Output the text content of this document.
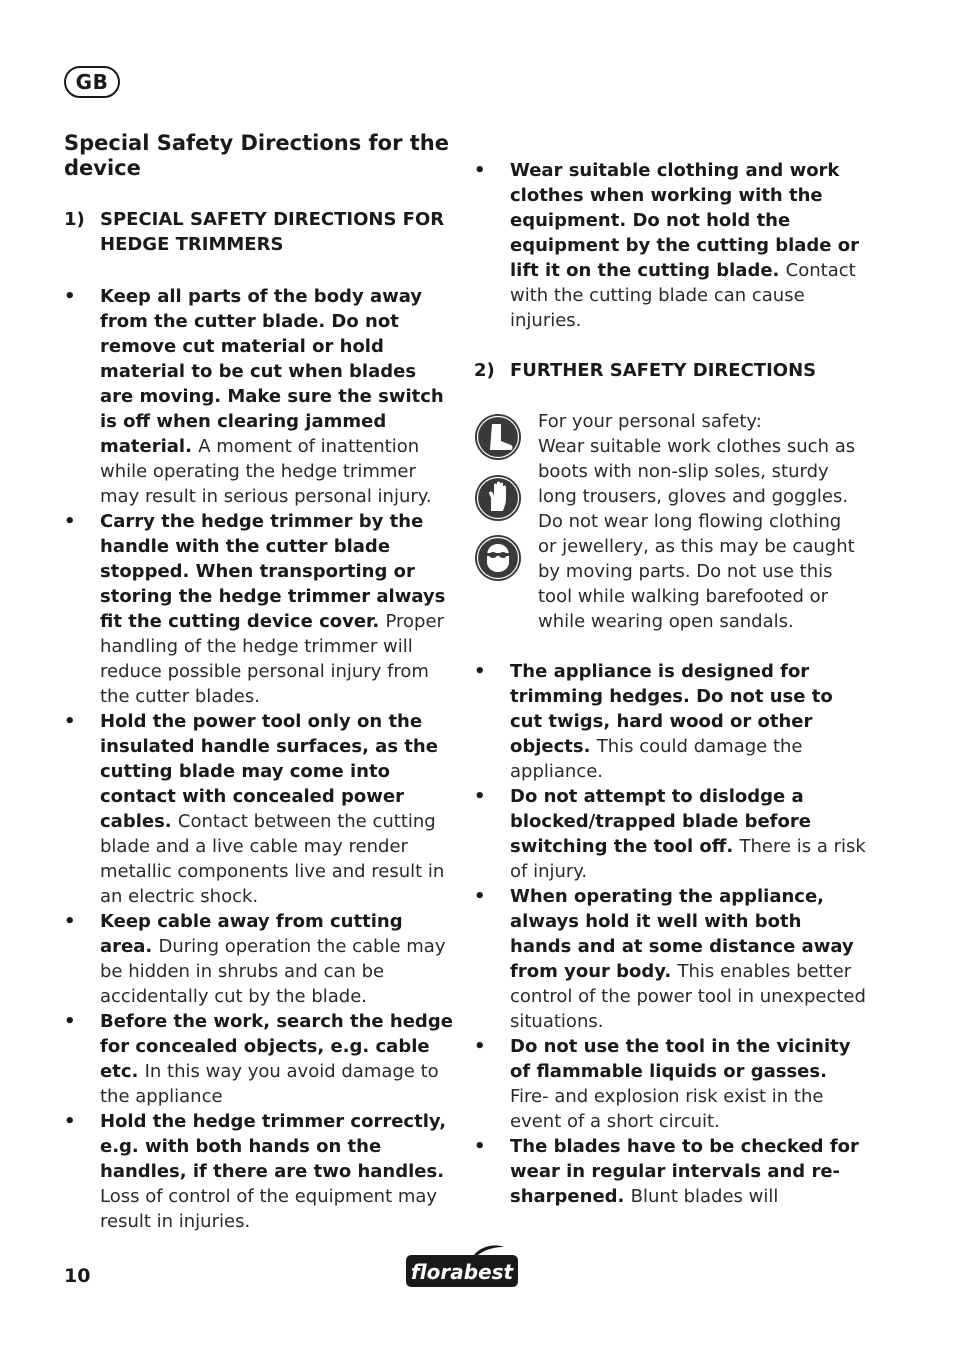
GB
Special Safety Directions for the device
1) SPECIAL SAFETY DIRECTIONS FOR HEDGE TRIMMERS
• Keep all parts of the body away from the cutter blade. Do not remove cut material or hold material to be cut when blades are moving. Make sure the switch is off when clearing jammed material. A moment of inattention while operating the hedge trimmer may result in serious personal injury.
• Carry the hedge trimmer by the handle with the cutter blade stopped. When transporting or storing the hedge trimmer always fit the cutting device cover. Proper handling of the hedge trimmer will reduce possible personal injury from the cutter blades.
• Hold the power tool only on the insulated handle surfaces, as the cutting blade may come into contact with concealed power cables. Contact between the cutting blade and a live cable may render metallic components live and result in an electric shock.
• Keep cable away from cutting area. During operation the cable may be hidden in shrubs and can be accidentally cut by the blade.
• Before the work, search the hedge for concealed objects, e.g. cable etc. In this way you avoid damage to the appliance
• Hold the hedge trimmer correctly, e.g. with both hands on the handles, if there are two handles. Loss of control of the equipment may result in injuries.
• Wear suitable clothing and work clothes when working with the equipment. Do not hold the equipment by the cutting blade or lift it on the cutting blade. Contact with the cutting blade can cause injuries.
2) FURTHER SAFETY DIRECTIONS
For your personal safety:
Wear suitable work clothes such as boots with non-slip soles, sturdy long trousers, gloves and goggles. Do not wear long flowing clothing or jewellery, as this may be caught by moving parts. Do not use this tool while walking barefooted or while wearing open sandals.
• The appliance is designed for trimming hedges. Do not use to cut twigs, hard wood or other objects. This could damage the appliance.
• Do not attempt to dislodge a blocked/trapped blade before switching the tool off. There is a risk of injury.
• When operating the appliance, always hold it well with both hands and at some distance away from your body. This enables better control of the power tool in unexpected situations.
• Do not use the tool in the vicinity of flammable liquids or gasses. Fire- and explosion risk exist in the event of a short circuit.
• The blades have to be checked for wear in regular intervals and re-sharpened. Blunt blades will
10	florabest
